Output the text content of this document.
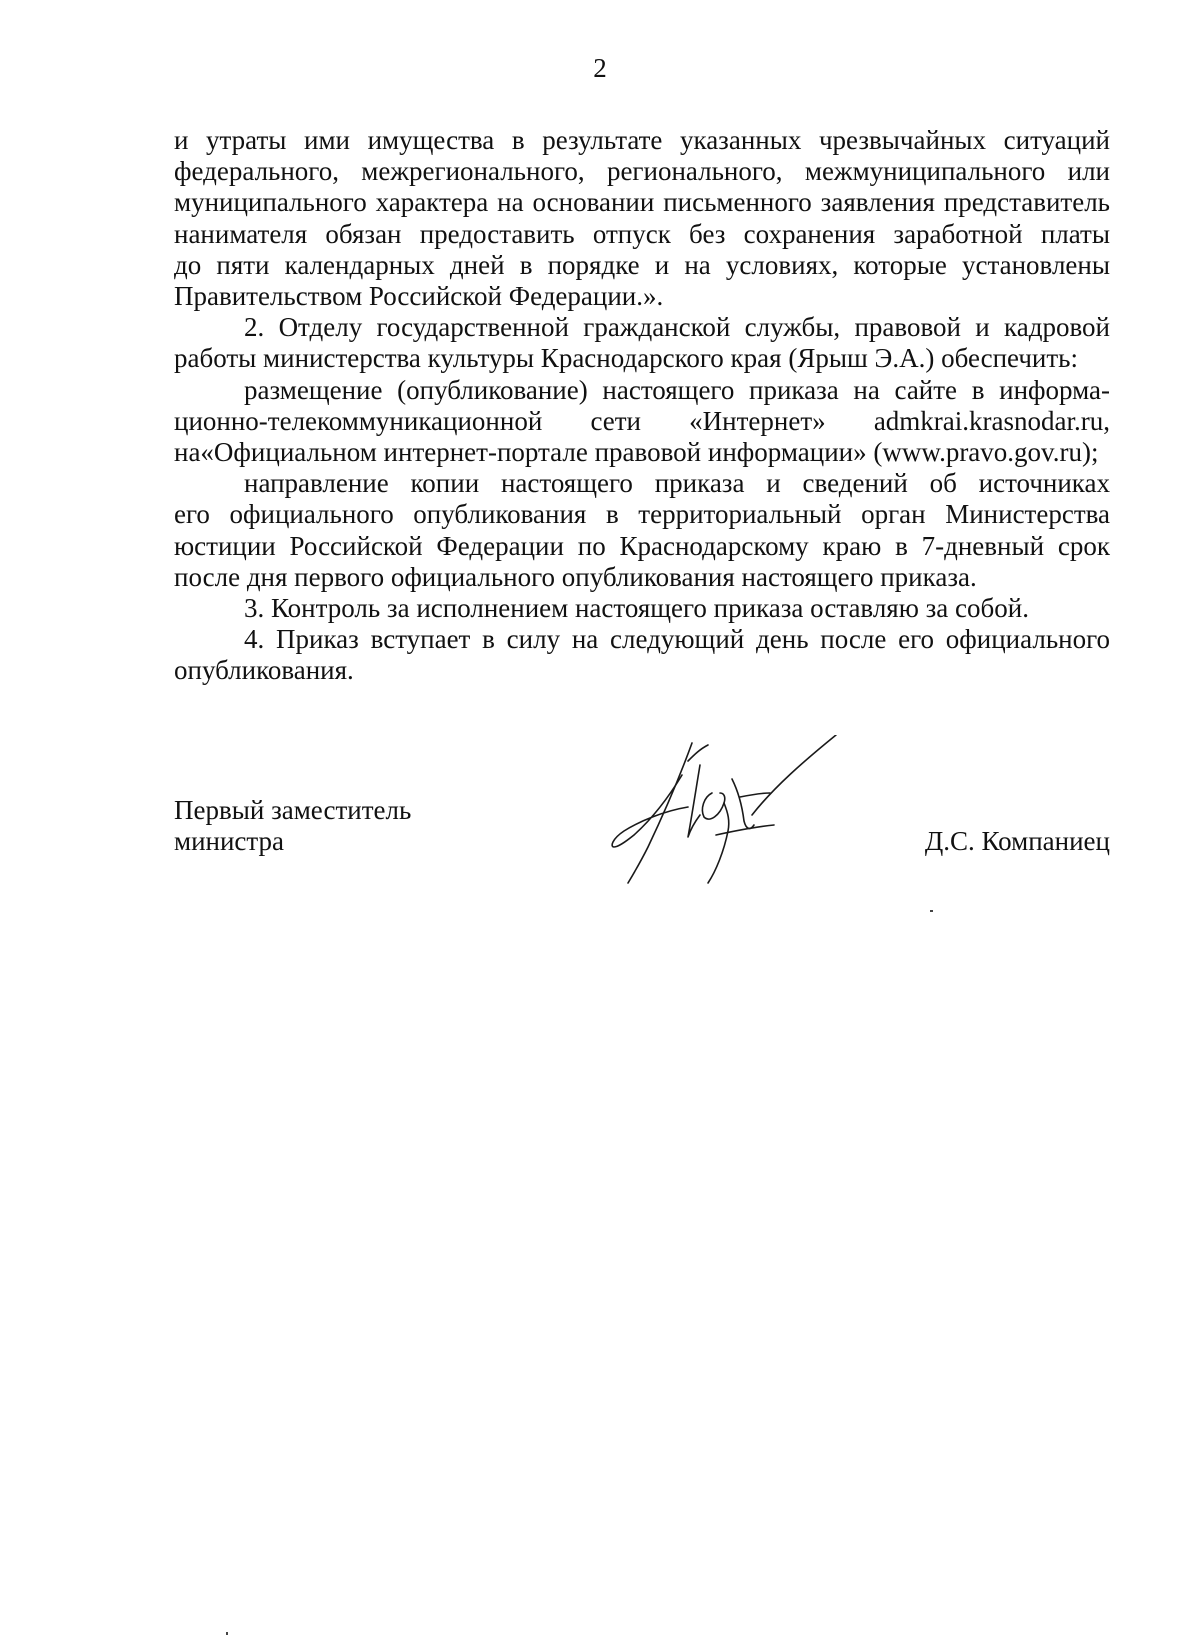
2

и утраты ими имущества в результате указанных чрезвычайных ситуаций
федерального, межрегионального, регионального, межмуниципального или
муниципального характера на основании письменного заявления представитель
нанимателя обязан предоставить отпуск без сохранения заработной платы
до пяти календарных дней в порядке и на условиях, которые установлены
Правительством Российской Федерации.».

2. Отделу государственной гражданской службы, правовой и кадровой
работы министерства культуры Краснодарского края (Ярыш Э.А.) обеспечить:

размещение (опубликование) настоящего приказа на сайте в информа-
ционно-телекоммуникационной сети «Интернет» admkrai.krasnodar.ru,
на«Официальном интернет-портале правовой информации» (www.pravo.gov.ru);

направление копии настоящего приказа и сведений об источниках
его официального опубликования в территориальный орган Министерства
юстиции Российской Федерации по Краснодарскому краю в 7-дневный срок
после дня первого официального опубликования настоящего приказа.

3. Контроль за исполнением настоящего приказа оставляю за собой.

4. Приказ вступает в силу на следующий день после его официального
опубликования.

Первый заместитель
министра	Д.С. Компаниец
